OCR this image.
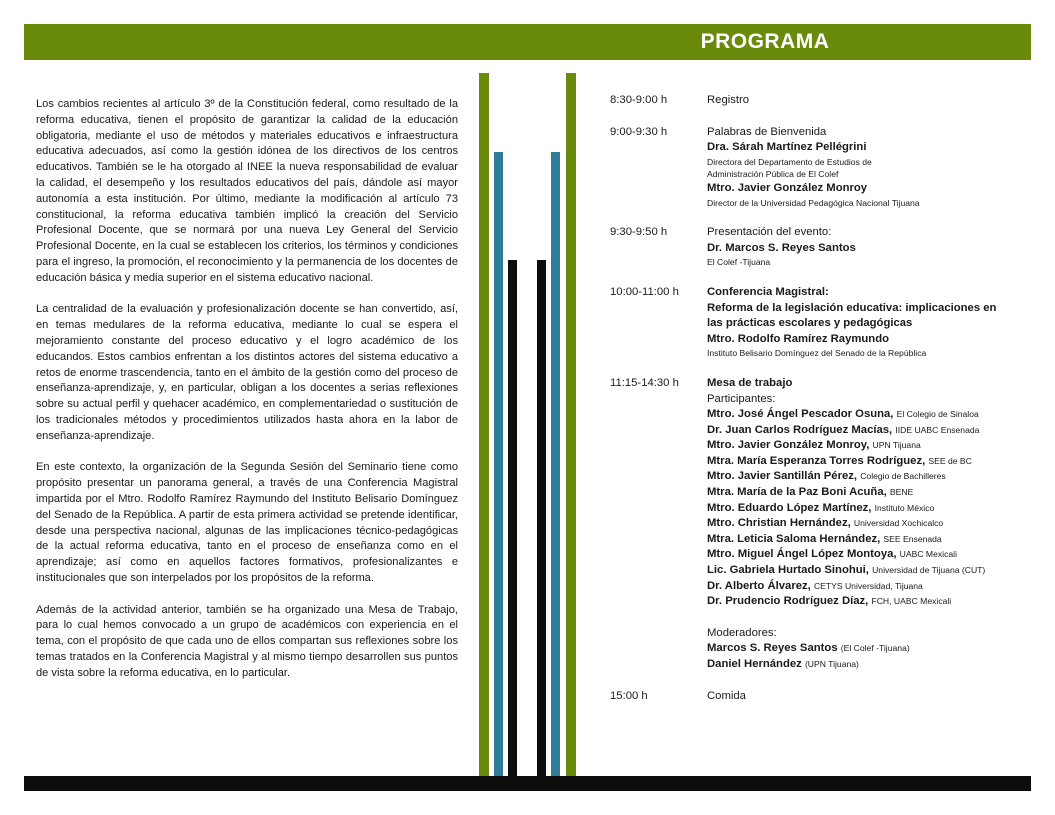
PROGRAMA

Los cambios recientes al artículo 3º de la Constitución federal, como resultado de la reforma educativa, tienen el propósito de garantizar la calidad de la educación obligatoria, mediante el uso de métodos y materiales educativos e infraestructura educativa adecuados, así como la gestión idónea de los directivos de los centros educativos. También se le ha otorgado al INEE la nueva responsabilidad de evaluar la calidad, el desempeño y los resultados educativos del país, dándole así mayor autonomía a esta institución. Por último, mediante la modificación al artículo 73 constitucional, la reforma educativa también implicó la creación del Servicio Profesional Docente, que se normará por una nueva Ley General del Servicio Profesional Docente, en la cual se establecen los criterios, los términos y condiciones para el ingreso, la promoción, el reconocimiento y la permanencia de los docentes de educación básica y media superior en el sistema educativo nacional.

La centralidad de la evaluación y profesionalización docente se han convertido, así, en temas medulares de la reforma educativa, mediante lo cual se espera el mejoramiento constante del proceso educativo y el logro académico de los educandos. Estos cambios enfrentan a los distintos actores del sistema educativo a retos de enorme trascendencia, tanto en el ámbito de la gestión como del proceso de enseñanza-aprendizaje, y, en particular, obligan a los docentes a serias reflexiones sobre su actual perfil y quehacer académico, en complementariedad o sustitución de los tradicionales métodos y procedimientos utilizados hasta ahora en la labor de enseñanza-aprendizaje.

En este contexto, la organización de la Segunda Sesión del Seminario tiene como propósito presentar un panorama general, a través de una Conferencia Magistral impartida por el Mtro. Rodolfo Ramírez Raymundo del Instituto Belisario Domínguez del Senado de la República. A partir de esta primera actividad se pretende identificar, desde una perspectiva nacional, algunas de las implicaciones técnico-pedagógicas de la actual reforma educativa, tanto en el proceso de enseñanza como en el aprendizaje; así como en aquellos factores formativos, profesionalizantes e institucionales que son interpelados por los propósitos de la reforma.

Además de la actividad anterior, también se ha organizado una Mesa de Trabajo, para lo cual hemos convocado a un grupo de académicos con experiencia en el tema, con el propósito de que cada uno de ellos compartan sus reflexiones sobre los temas tratados en la Conferencia Magistral y al mismo tiempo desarrollen sus puntos de vista sobre la reforma educativa, en lo particular.

8:30-9:00 h	Registro
9:00-9:30 h	Palabras de Bienvenida
Dra. Sárah Martínez Pellégrini
Directora del Departamento de Estudios de
Administración Pública de El Colef
Mtro. Javier González Monroy
Director de la Universidad Pedagógica Nacional Tijuana
9:30-9:50 h	Presentación del evento:
Dr. Marcos S. Reyes Santos
El Colef -Tijuana
10:00-11:00 h	Conferencia Magistral:
Reforma de la legislación educativa: implicaciones en
las prácticas escolares y pedagógicas
Mtro. Rodolfo Ramírez Raymundo
Instituto Belisario Domínguez del Senado de la República
11:15-14:30 h	Mesa de trabajo
Participantes:
Mtro. José Ángel Pescador Osuna, El Colegio de Sinaloa
Dr. Juan Carlos Rodríguez Macías, IIDE UABC Ensenada
Mtro. Javier González Monroy, UPN Tijuana
Mtra. María Esperanza Torres Rodríguez, SEE de BC
Mtro. Javier Santillán Pérez, Colegio de Bachilleres
Mtra. María de la Paz Boni Acuña, BENE
Mtro. Eduardo López Martínez, Instituto México
Mtro. Christian Hernández, Universidad Xochicalco
Mtra. Leticia Saloma Hernández, SEE Ensenada
Mtro. Miguel Ángel López Montoya, UABC Mexicali
Lic. Gabriela Hurtado Sinohui, Universidad de Tijuana (CUT)
Dr. Alberto Álvarez, CETYS Universidad, Tijuana
Dr. Prudencio Rodríguez Díaz, FCH, UABC Mexicali
Moderadores:
Marcos S. Reyes Santos (El Colef -Tijuana)
Daniel Hernández (UPN Tijuana)
15:00 h	Comida
